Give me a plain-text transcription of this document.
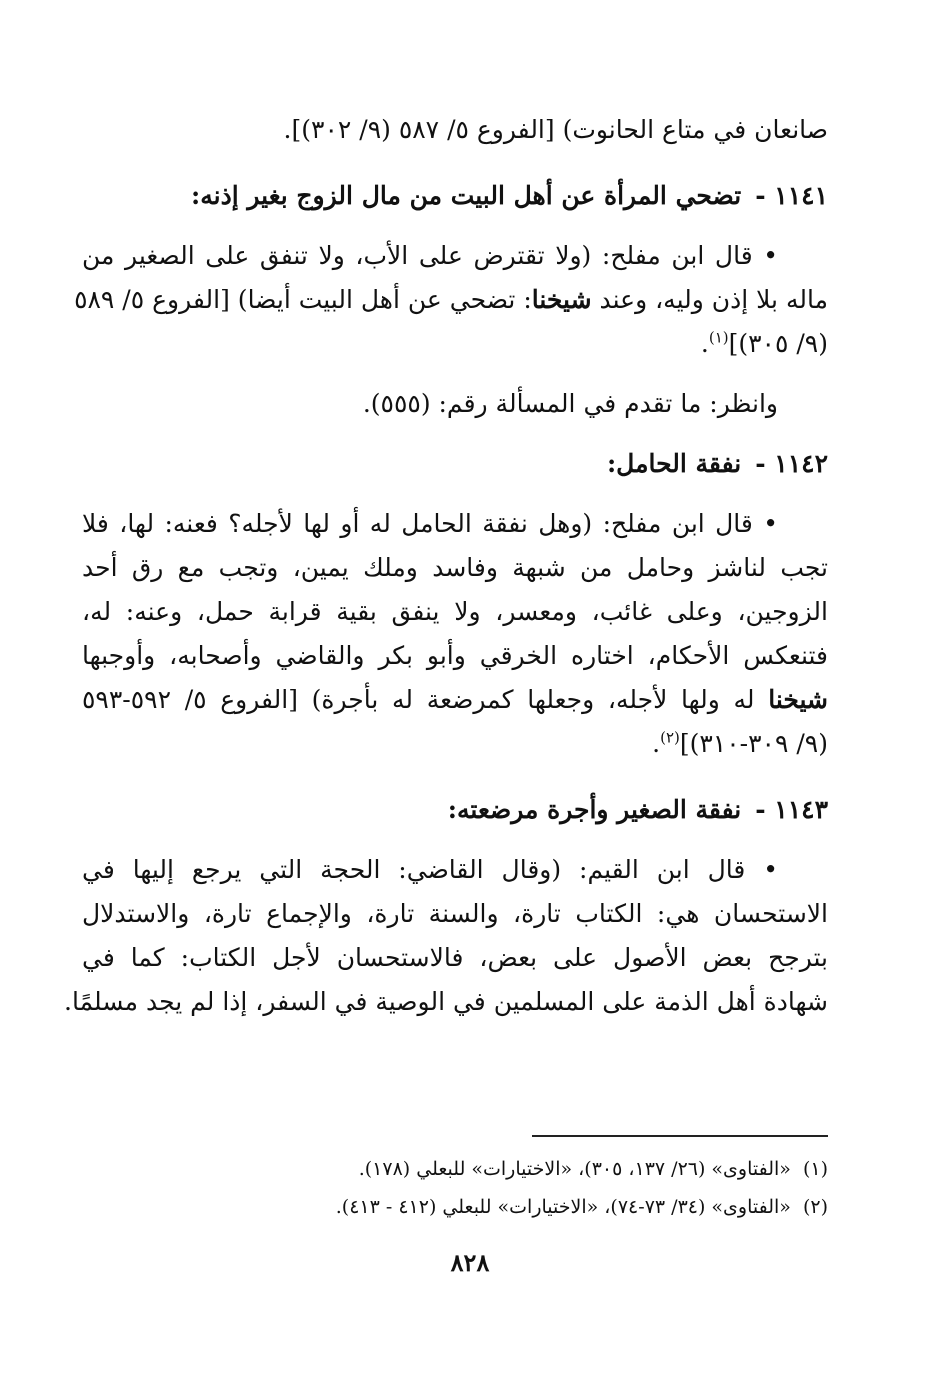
صانعان في متاع الحانوت) [الفروع ٥/ ٥٨٧ (٩/ ٣٠٢)].

١١٤١ -تضحي المرأة عن أهل البيت من مال الزوج بغير إذنه:

• قال ابن مفلح: (ولا تقترض على الأب، ولا تنفق على الصغير من

ماله بلا إذن وليه، وعند شيخنا: تضحي عن أهل البيت أيضا) [الفروع ٥/ ٥٨٩

(٩/ ٣٠٥)]$^{(١)}$.

وانظر: ما تقدم في المسألة رقم: (٥٥٥).

١١٤٢ -نفقة الحامل:

• قال ابن مفلح: (وهل نفقة الحامل له أو لها لأجله؟ فعنه: لها، فلا

تجب لناشز وحامل من شبهة وفاسد وملك يمين، وتجب مع رق أحد

الزوجين، وعلى غائب، ومعسر، ولا ينفق بقية قرابة حمل، وعنه: له،

فتنعكس الأحكام، اختاره الخرقي وأبو بكر والقاضي وأصحابه، وأوجبها

شيخنا له ولها لأجله، وجعلها كمرضعة له بأجرة) [الفروع ٥/ ٥٩٢-٥٩٣

(٩/ ٣٠٩-٣١٠)]$^{(٢)}$.

١١٤٣ -نفقة الصغير وأجرة مرضعته:

• قال ابن القيم: (وقال القاضي: الحجة التي يرجع إليها في

الاستحسان هي: الكتاب تارة، والسنة تارة، والإجماع تارة، والاستدلال

بترجح بعض الأصول على بعض، فالاستحسان لأجل الكتاب: كما في

شهادة أهل الذمة على المسلمين في الوصية في السفر، إذا لم يجد مسلمًا.

(١)«الفتاوى» (٢٦/ ١٣٧، ٣٠٥)، «الاختيارات» للبعلي (١٧٨).

(٢)«الفتاوى» (٣٤/ ٧٣-٧٤)، «الاختيارات» للبعلي (٤١٢ - ٤١٣).

٨٢٨
